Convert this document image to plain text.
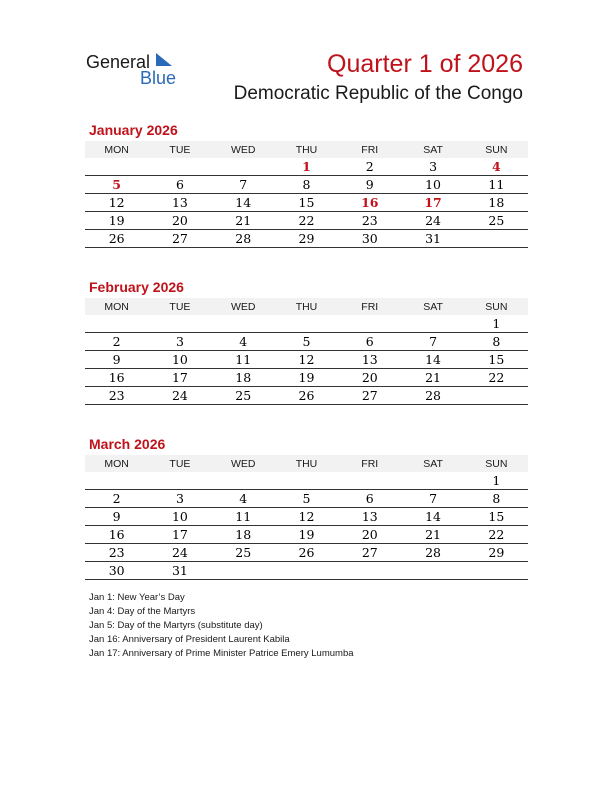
General
Blue	Quarter 1 of 2026
Democratic Republic of the Congo
January 2026
MON	TUE	WED	THU	FRI	SAT	SUN
			1	2	3	4
5	6	7	8	9	10	11
12	13	14	15	16	17	18
19	20	21	22	23	24	25
26	27	28	29	30	31	
February 2026
MON	TUE	WED	THU	FRI	SAT	SUN
						1
2	3	4	5	6	7	8
9	10	11	12	13	14	15
16	17	18	19	20	21	22
23	24	25	26	27	28	
March 2026
MON	TUE	WED	THU	FRI	SAT	SUN
						1
2	3	4	5	6	7	8
9	10	11	12	13	14	15
16	17	18	19	20	21	22
23	24	25	26	27	28	29
30	31					
Jan 1: New Year’s Day
Jan 4: Day of the Martyrs
Jan 5: Day of the Martyrs (substitute day)
Jan 16: Anniversary of President Laurent Kabila
Jan 17: Anniversary of Prime Minister Patrice Emery Lumumba
